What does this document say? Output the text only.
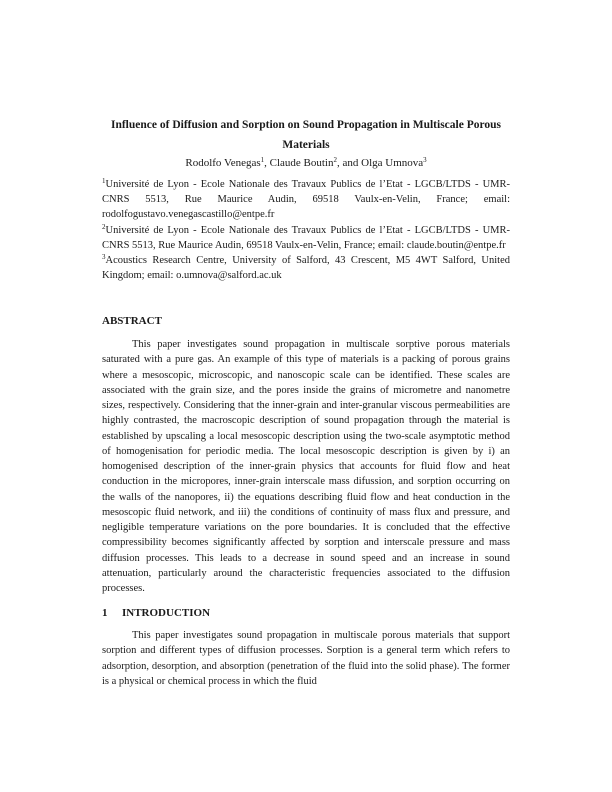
Influence of Diffusion and Sorption on Sound Propagation in Multiscale Porous Materials
Rodolfo Venegas$^1$, Claude Boutin$^2$, and Olga Umnova$^3$

$^1$Université de Lyon - Ecole Nationale des Travaux Publics de l’Etat - LGCB/LTDS - UMR-CNRS 5513, Rue Maurice Audin, 69518 Vaulx-en-Velin, France; email: rodolfogustavo.venegascastillo@entpe.fr

$^2$Université de Lyon - Ecole Nationale des Travaux Publics de l’Etat - LGCB/LTDS - UMR-CNRS 5513, Rue Maurice Audin, 69518 Vaulx-en-Velin, France; email: claude.boutin@entpe.fr

$^3$Acoustics Research Centre, University of Salford, 43 Crescent, M5 4WT Salford, United Kingdom; email: o.umnova@salford.ac.uk

ABSTRACT

This paper investigates sound propagation in multiscale sorptive porous materials saturated with a pure gas. An example of this type of materials is a packing of porous grains where a mesoscopic, microscopic, and nanoscopic scale can be identified. These scales are associated with the grain size, and the pores inside the grains of micrometre and nanometre sizes, respectively. Considering that the inner-grain and inter-granular viscous permeabilities are highly contrasted, the macroscopic description of sound propagation through the material is established by upscaling a local mesoscopic description using the two-scale asymptotic method of homogenisation for periodic media. The local mesoscopic description is given by i) an homogenised description of the inner-grain physics that accounts for fluid flow and heat conduction in the micropores, inner-grain interscale mass difussion, and sorption occurring on the walls of the nanopores, ii) the equations describing fluid flow and heat conduction in the mesoscopic fluid network, and iii) the conditions of continuity of mass flux and pressure, and negligible temperature variations on the pore boundaries. It is concluded that the effective compressibility becomes significantly affected by sorption and interscale pressure and mass diffusion processes. This leads to a decrease in sound speed and an increase in sound attenuation, particularly around the characteristic frequencies associated to the diffusion processes.

1 INTRODUCTION

This paper investigates sound propagation in multiscale porous materials that support sorption and different types of diffusion processes. Sorption is a general term which refers to adsorption, desorption, and absorption (penetration of the fluid into the solid phase). The former is a physical or chemical process in which the fluid
